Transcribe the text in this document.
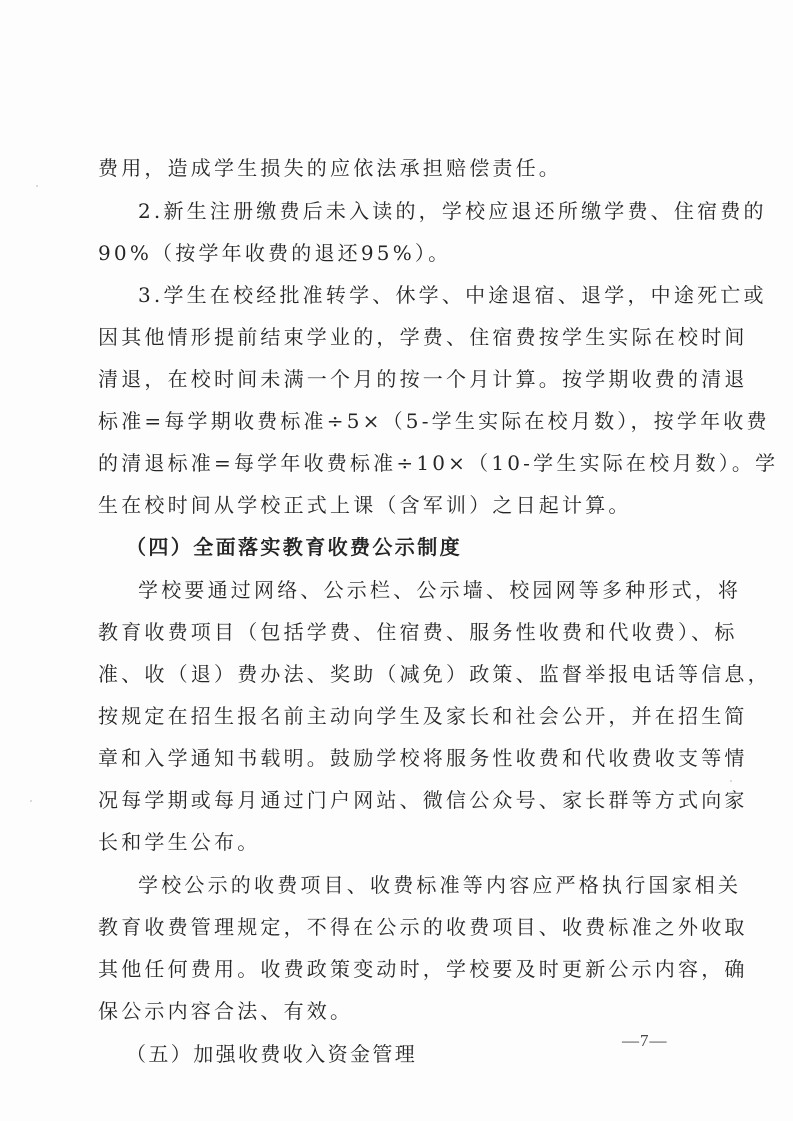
费用，造成学生损失的应依法承担赔偿责任。
2.新生注册缴费后未入读的，学校应退还所缴学费、住宿费的
90%（按学年收费的退还95%）。
3.学生在校经批准转学、休学、中途退宿、退学，中途死亡或
因其他情形提前结束学业的，学费、住宿费按学生实际在校时间
清退，在校时间未满一个月的按一个月计算。按学期收费的清退
标准=每学期收费标准÷5×（5-学生实际在校月数），按学年收费
的清退标准=每学年收费标准÷10×（10-学生实际在校月数）。学
生在校时间从学校正式上课（含军训）之日起计算。
（四）全面落实教育收费公示制度
学校要通过网络、公示栏、公示墙、校园网等多种形式，将
教育收费项目（包括学费、住宿费、服务性收费和代收费）、标
准、收（退）费办法、奖助（减免）政策、监督举报电话等信息，
按规定在招生报名前主动向学生及家长和社会公开，并在招生简
章和入学通知书载明。鼓励学校将服务性收费和代收费收支等情
况每学期或每月通过门户网站、微信公众号、家长群等方式向家
长和学生公布。
学校公示的收费项目、收费标准等内容应严格执行国家相关
教育收费管理规定，不得在公示的收费项目、收费标准之外收取
其他任何费用。收费政策变动时，学校要及时更新公示内容，确
保公示内容合法、有效。
（五）加强收费收入资金管理
—7—
